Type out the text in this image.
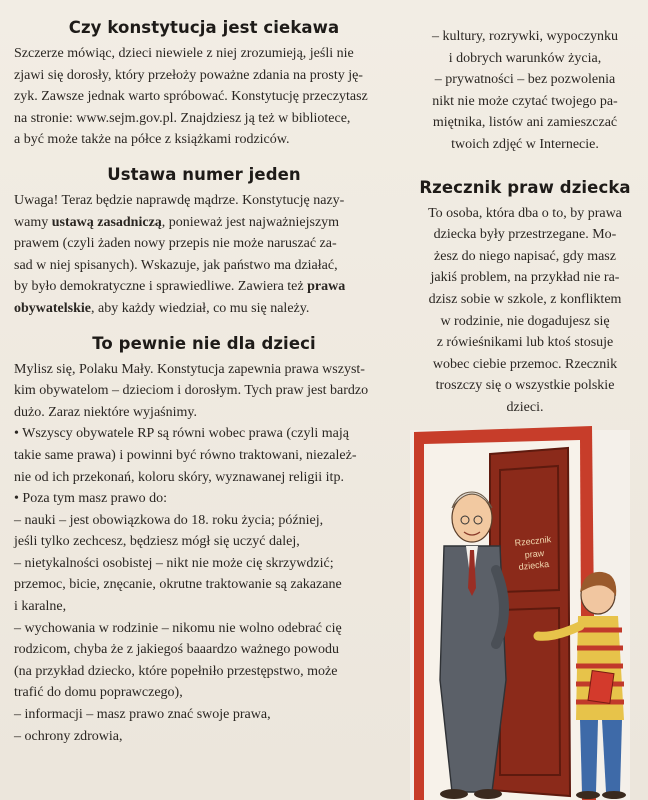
Czy konstytucja jest ciekawa

Szczerze mówiąc, dzieci niewiele z niej zrozumieją, jeśli nie

zjawi się dorosły, który przełoży poważne zdania na prosty ję-

zyk. Zawsze jednak warto spróbować. Konstytucję przeczytasz

na stronie: www.sejm.gov.pl. Znajdziesz ją też w bibliotece,

a być może także na półce z książkami rodziców.

Ustawa numer jeden

Uwaga! Teraz będzie naprawdę mądrze. Konstytucję nazy-

wamy ustawą zasadniczą, ponieważ jest najważniejszym

prawem (czyli żaden nowy przepis nie może naruszać za-

sad w niej spisanych). Wskazuje, jak państwo ma działać,

by było demokratyczne i sprawiedliwe. Zawiera też prawa

obywatelskie, aby każdy wiedział, co mu się należy.

To pewnie nie dla dzieci

Mylisz się, Polaku Mały. Konstytucja zapewnia prawa wszyst-

kim obywatelom – dzieciom i dorosłym. Tych praw jest bardzo

dużo. Zaraz niektóre wyjaśnimy.

• Wszyscy obywatele RP są równi wobec prawa (czyli mają

takie same prawa) i powinni być równo traktowani, niezależ-

nie od ich przekonań, koloru skóry, wyznawanej religii itp.

• Poza tym masz prawo do:

– nauki – jest obowiązkowa do 18. roku życia; później,

jeśli tylko zechcesz, będziesz mógł się uczyć dalej,

– nietykalności osobistej – nikt nie może cię skrzywdzić;

przemoc, bicie, znęcanie, okrutne traktowanie są zakazane

i karalne,

– wychowania w rodzinie – nikomu nie wolno odebrać cię

rodzicom, chyba że z jakiegoś baaardzo ważnego powodu

(na przykład dziecko, które popełniło przestępstwo, może

trafić do domu poprawczego),

– informacji – masz prawo znać swoje prawa,

– ochrony zdrowia,

– kultury, rozrywki, wypoczynku

i dobrych warunków życia,

– prywatności – bez pozwolenia

nikt nie może czytać twojego pa-

miętnika, listów ani zamieszczać

twoich zdjęć w Internecie.

Rzecznik praw dziecka

To osoba, która dba o to, by prawa

dziecka były przestrzegane. Mo-

żesz do niego napisać, gdy masz

jakiś problem, na przykład nie ra-

dzisz sobie w szkole, z konfliktem

w rodzinie, nie dogadujesz się

z rówieśnikami lub ktoś stosuje

wobec ciebie przemoc. Rzecznik

troszczy się o wszystkie polskie

dzieci.

Rzecznik
praw
dziecka
